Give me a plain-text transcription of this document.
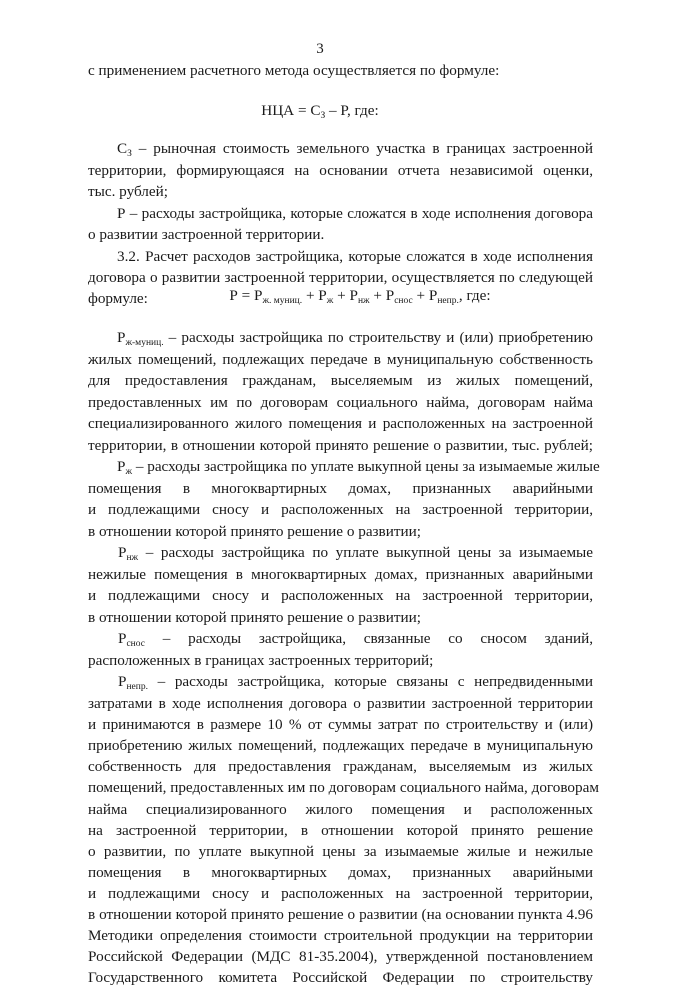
3
с применением расчетного метода осуществляется по формуле:
НЦА = СЗ – Р, где:
СЗ – рыночная стоимость земельного участка в границах застроенной
территории, формирующаяся на основании отчета независимой оценки,
тыс. рублей;
Р – расходы застройщика, которые сложатся в ходе исполнения договора
о развитии застроенной территории.
3.2. Расчет расходов застройщика, которые сложатся в ходе исполнения
договора о развитии застроенной территории, осуществляется по следующей
формуле:	Р = Рж. муниц. + Рж + Рнж + Рснос + Рнепр., где:
Рж-муниц. – расходы застройщика по строительству и (или) приобретению
жилых помещений, подлежащих передаче в муниципальную собственность
для предоставления гражданам, выселяемым из жилых помещений,
предоставленных им по договорам социального найма, договорам найма
специализированного жилого помещения и расположенных на застроенной
территории, в отношении которой принято решение о развитии, тыс. рублей;
Рж – расходы застройщика по уплате выкупной цены за изымаемые жилые
помещения в многоквартирных домах, признанных аварийными
и подлежащими сносу и расположенных на застроенной территории,
в отношении которой принято решение о развитии;
Рнж – расходы застройщика по уплате выкупной цены за изымаемые
нежилые помещения в многоквартирных домах, признанных аварийными
и подлежащими сносу и расположенных на застроенной территории,
в отношении которой принято решение о развитии;
Рснос – расходы застройщика, связанные со сносом зданий,
расположенных в границах застроенных территорий;
Рнепр. – расходы застройщика, которые связаны с непредвиденными
затратами в ходе исполнения договора о развитии застроенной территории
и принимаются в размере 10 % от суммы затрат по строительству и (или)
приобретению жилых помещений, подлежащих передаче в муниципальную
собственность для предоставления гражданам, выселяемым из жилых
помещений, предоставленных им по договорам социального найма, договорам
найма специализированного жилого помещения и расположенных
на застроенной территории, в отношении которой принято решение
о развитии, по уплате выкупной цены за изымаемые жилые и нежилые
помещения в многоквартирных домах, признанных аварийными
и подлежащими сносу и расположенных на застроенной территории,
в отношении которой принято решение о развитии (на основании пункта 4.96
Методики определения стоимости строительной продукции на территории
Российской Федерации (МДС 81-35.2004), утвержденной постановлением
Государственного комитета Российской Федерации по строительству
